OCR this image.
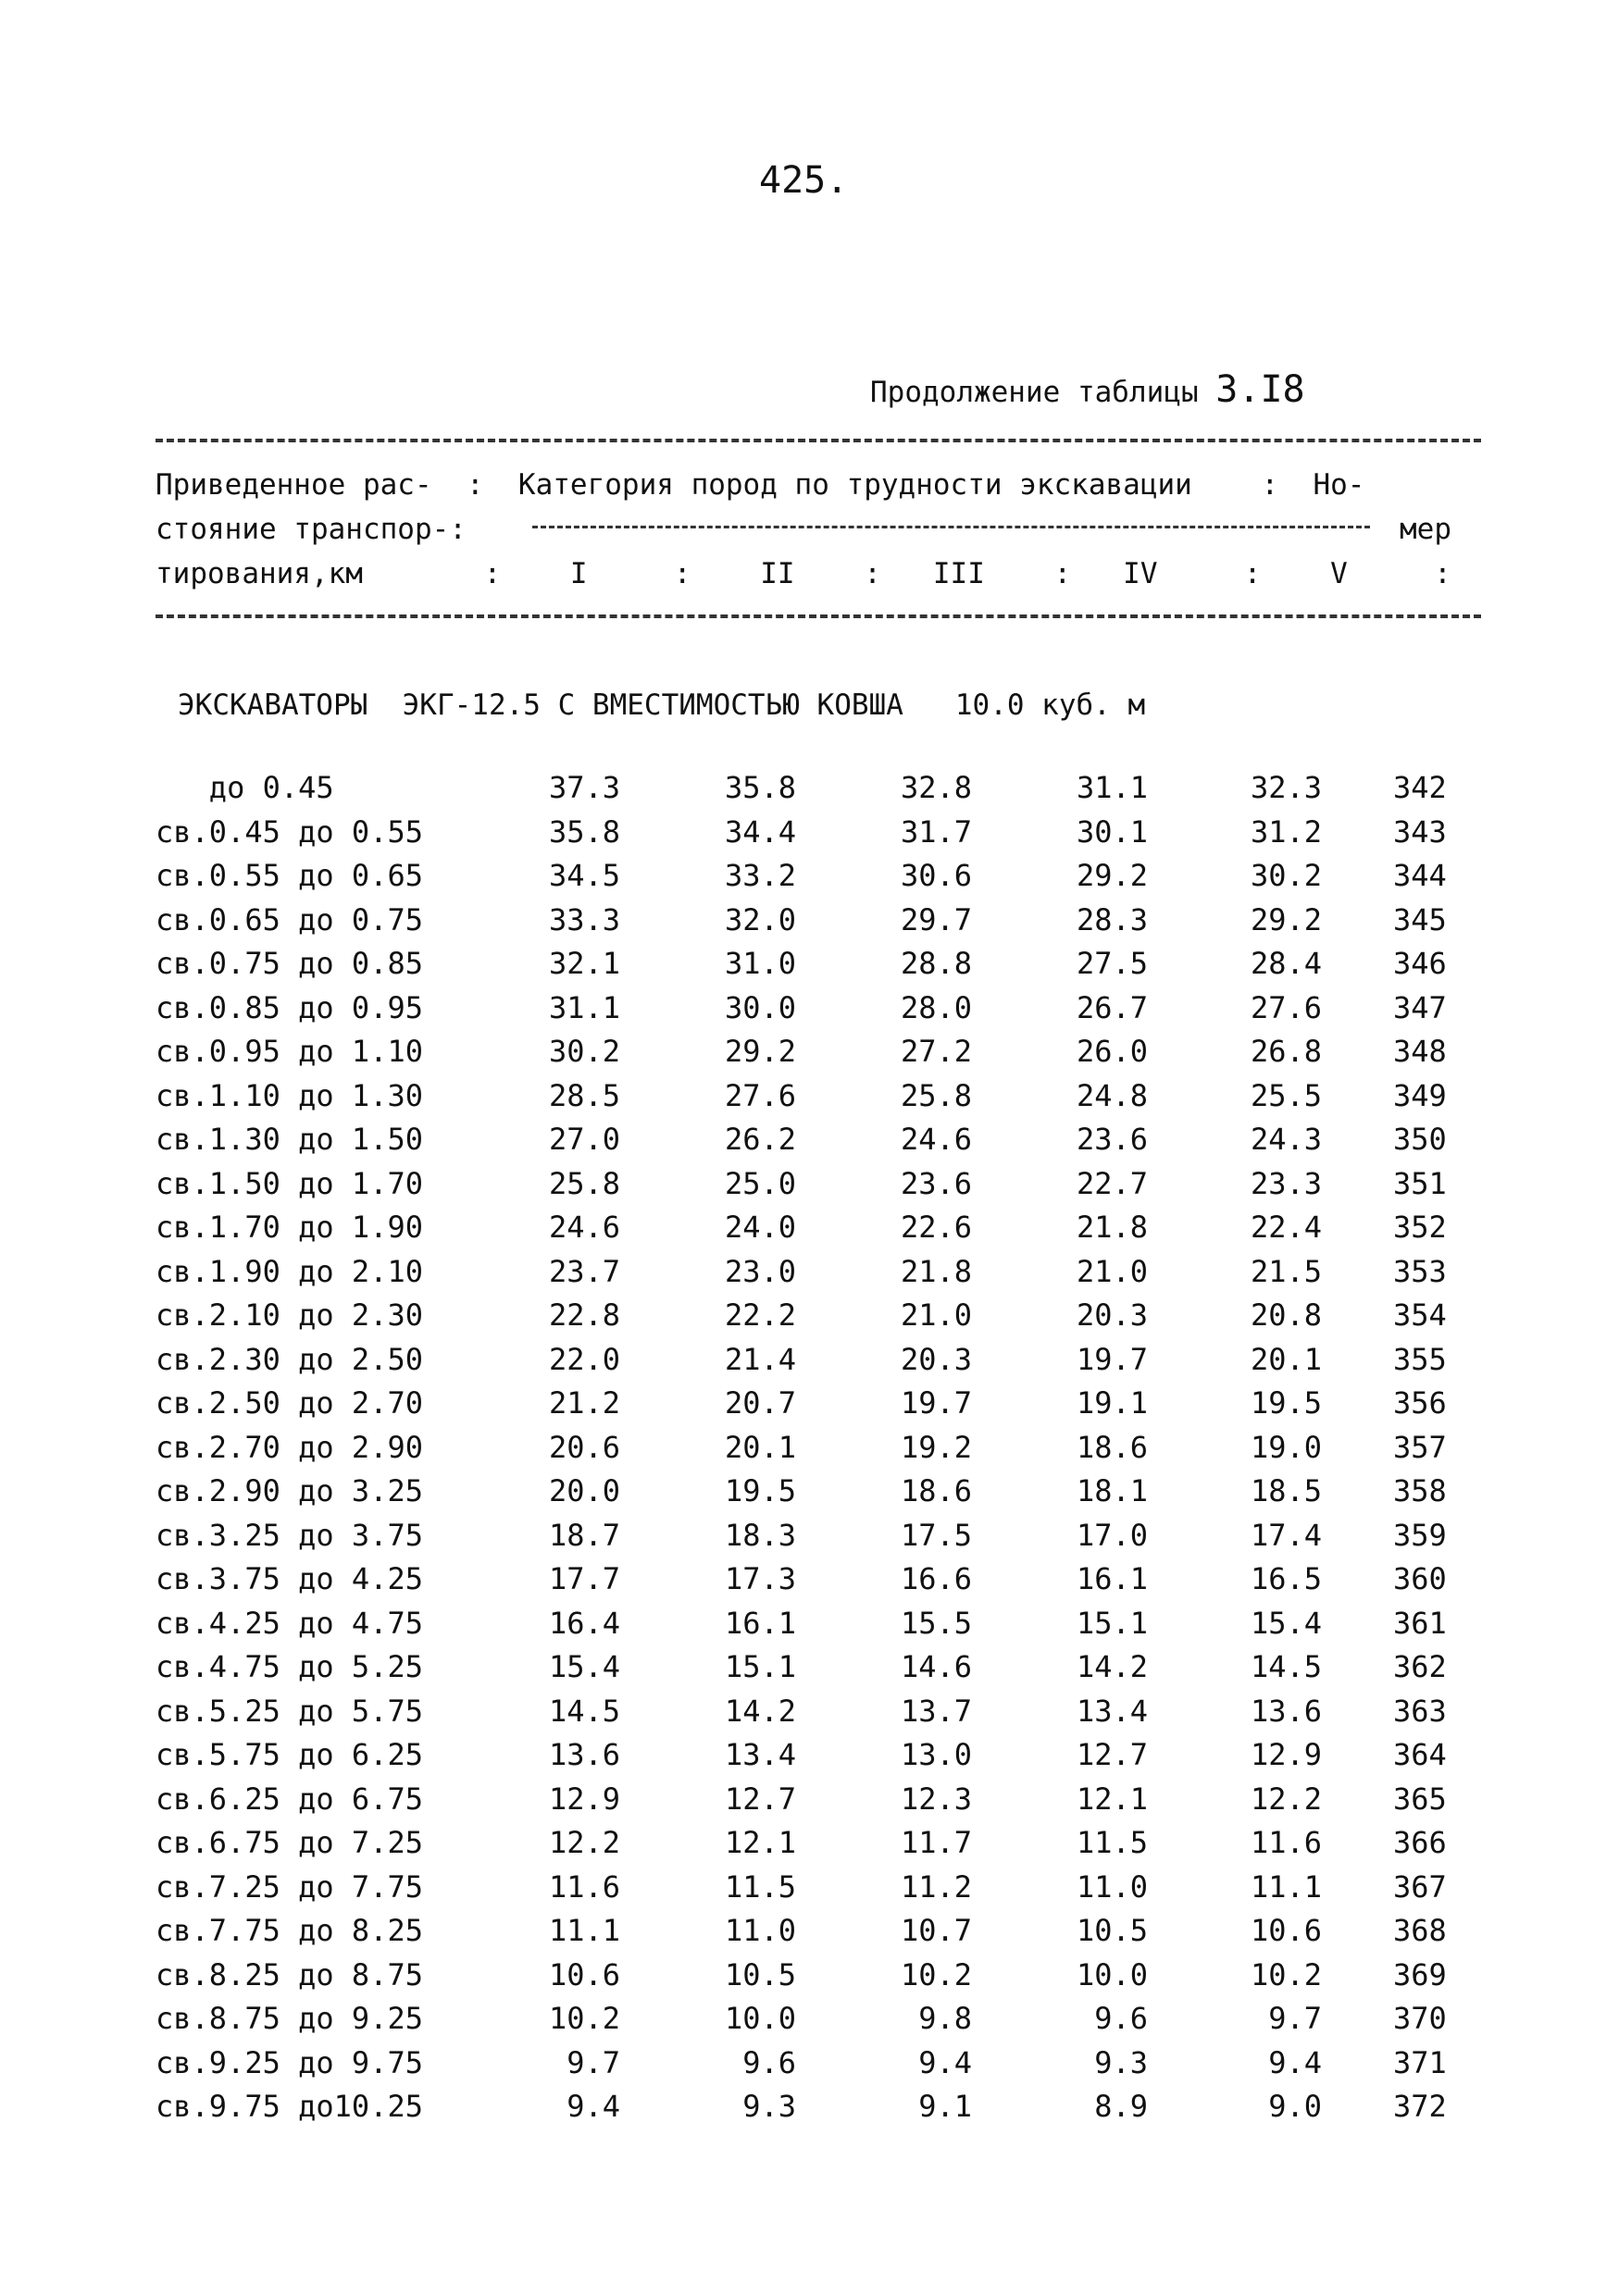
425.
Продолжение таблицы 3.I8
Приведенное рас-  :  Категория пород по трудности экскавации    :  Но-
стояние транспор-:	мер
тирования,км       :    I     :    II    :   III    :   IV     :    V     :
ЭКСКАВАТОРЫ  ЭКГ-12.5 С ВМЕСТИМОСТЬЮ КОВША   10.0 куб. м
до 0.45	37.3	35.8	32.8	31.1	32.3 342
св.0.45 до 0.55	35.8	34.4	31.7	30.1	31.2 343
св.0.55 до 0.65	34.5	33.2	30.6	29.2	30.2 344
св.0.65 до 0.75	33.3	32.0	29.7	28.3	29.2 345
св.0.75 до 0.85	32.1	31.0	28.8	27.5	28.4 346
св.0.85 до 0.95	31.1	30.0	28.0	26.7	27.6 347
св.0.95 до 1.10	30.2	29.2	27.2	26.0	26.8 348
св.1.10 до 1.30	28.5	27.6	25.8	24.8	25.5 349
св.1.30 до 1.50	27.0	26.2	24.6	23.6	24.3 350
св.1.50 до 1.70	25.8	25.0	23.6	22.7	23.3 351
св.1.70 до 1.90	24.6	24.0	22.6	21.8	22.4 352
св.1.90 до 2.10	23.7	23.0	21.8	21.0	21.5 353
св.2.10 до 2.30	22.8	22.2	21.0	20.3	20.8 354
св.2.30 до 2.50	22.0	21.4	20.3	19.7	20.1 355
св.2.50 до 2.70	21.2	20.7	19.7	19.1	19.5 356
св.2.70 до 2.90	20.6	20.1	19.2	18.6	19.0 357
св.2.90 до 3.25	20.0	19.5	18.6	18.1	18.5 358
св.3.25 до 3.75	18.7	18.3	17.5	17.0	17.4 359
св.3.75 до 4.25	17.7	17.3	16.6	16.1	16.5 360
св.4.25 до 4.75	16.4	16.1	15.5	15.1	15.4 361
св.4.75 до 5.25	15.4	15.1	14.6	14.2	14.5 362
св.5.25 до 5.75	14.5	14.2	13.7	13.4	13.6 363
св.5.75 до 6.25	13.6	13.4	13.0	12.7	12.9 364
св.6.25 до 6.75	12.9	12.7	12.3	12.1	12.2 365
св.6.75 до 7.25	12.2	12.1	11.7	11.5	11.6 366
св.7.25 до 7.75	11.6	11.5	11.2	11.0	11.1 367
св.7.75 до 8.25	11.1	11.0	10.7	10.5	10.6 368
св.8.25 до 8.75	10.6	10.5	10.2	10.0	10.2 369
св.8.75 до 9.25	10.2	10.0	9.8	9.6	9.7 370
св.9.25 до 9.75	9.7	9.6	9.4	9.3	9.4 371
св.9.75 до10.25	9.4	9.3	9.1	8.9	9.0 372
